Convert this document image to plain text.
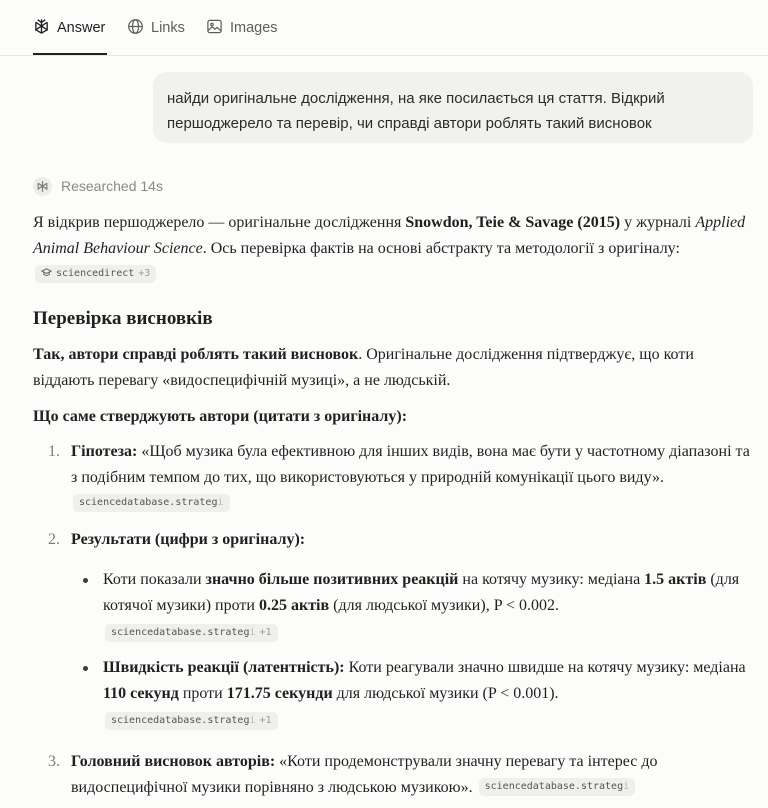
Answer	Links	Images
найди оригінальне дослідження, на яке посилається ця стаття. Відкрий першоджерело та перевір, чи справді автори роблять такий висновок
Researched 14s

Я відкрив першоджерело — оригінальне дослідження Snowdon, Teie & Savage (2015) у журналі Applied Animal Behaviour Science. Ось перевірка фактів на основі абстракту та методології з оригіналу: sciencedirect +3

Перевірка висновків

Так, автори справді роблять такий висновок. Оригінальне дослідження підтверджує, що коти віддають перевагу «видоспецифічній музиці», а не людській.

Що саме стверджують автори (цитати з оригіналу):

1. Гіпотеза: «Щоб музика була ефективною для інших видів, вона має бути у частотному діапазоні та з подібним темпом до тих, що використовуються у природній комунікації цього виду». sciencedatabase.strategi
2. Результати (цифри з оригіналу):
Коти показали значно більше позитивних реакцій на котячу музику: медіана 1.5 актів (для котячої музики) проти 0.25 актів (для людської музики), P < 0.002.
sciencedatabase.strategi +1
Швидкість реакції (латентність): Коти реагували значно швидше на котячу музику: медіана 110 секунд проти 171.75 секунди для людської музики (P < 0.001).
sciencedatabase.strategi +1
3. Головний висновок авторів: «Коти продемонстрували значну перевагу та інтерес до видоспецифічної музики порівняно з людською музикою». sciencedatabase.strategi
